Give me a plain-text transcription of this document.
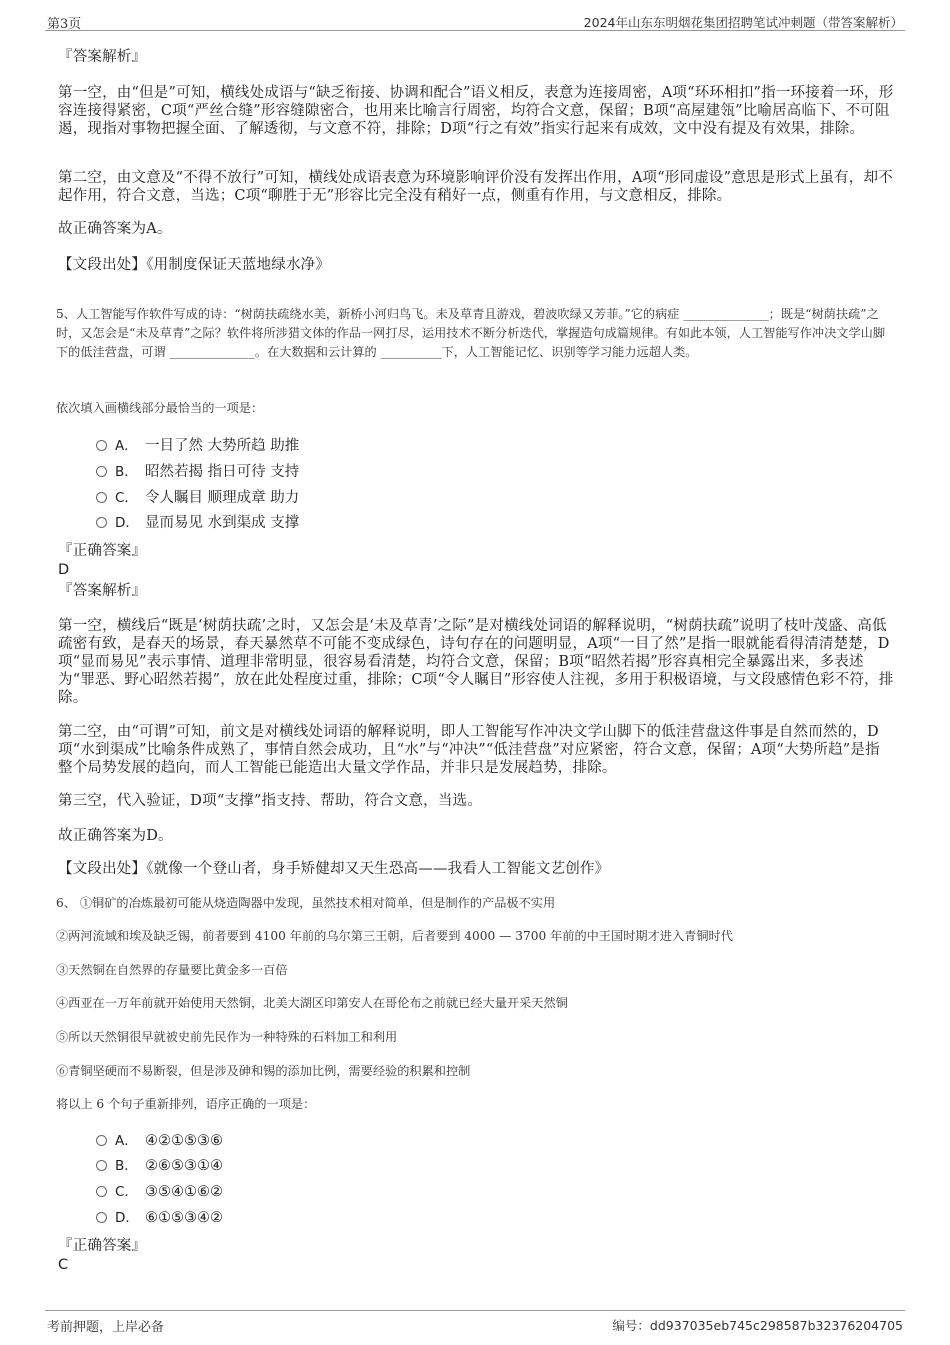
第3页	2024年山东东明烟花集团招聘笔试冲刺题（带答案解析）
『答案解析』
第一空，由“但是”可知，横线处成语与“缺乏衔接、协调和配合”语义相反，表意为连接周密，A项“环环相扣”指一环接着一环，形容连接得紧密，C项“严丝合缝”形容缝隙密合，也用来比喻言行周密，均符合文意，保留；B项“高屋建瓴”比喻居高临下、不可阻遏，现指对事物把握全面、了解透彻，与文意不符，排除；D项“行之有效”指实行起来有成效，文中没有提及有效果，排除。
第二空，由文意及“不得不放行”可知，横线处成语表意为环境影响评价没有发挥出作用，A项“形同虚设”意思是形式上虽有，却不起作用，符合文意，当选；C项“聊胜于无”形容比完全没有稍好一点，侧重有作用，与文意相反，排除。
故正确答案为A。
【文段出处】《用制度保证天蓝地绿水净》
5、人工智能写作软件写成的诗：“树荫扶疏绕水美，新桥小河归鸟飞。未及草青且游戏，碧波吹绿又芳菲。”它的病症 ______________；既是“树荫扶疏”之时，又怎会是“未及草青”之际？软件将所涉猎文体的作品一网打尽，运用技术不断分析迭代，掌握造句成篇规律。有如此本领，人工智能写作冲决文学山脚下的低洼营盘，可谓 ______________。在大数据和云计算的 __________下，人工智能记忆、识别等学习能力远超人类。
依次填入画横线部分最恰当的一项是：
A． 一目了然 大势所趋 助推
B． 昭然若揭 指日可待 支持
C． 令人瞩目 顺理成章 助力
D． 显而易见 水到渠成 支撑
『正确答案』
D
『答案解析』
第一空，横线后“既是‘树荫扶疏’之时，又怎会是‘未及草青’之际”是对横线处词语的解释说明，“树荫扶疏”说明了枝叶茂盛、高低疏密有致，是春天的场景，春天暴然草不可能不变成绿色，诗句存在的问题明显，A项“一目了然”是指一眼就能看得清清楚楚，D项“显而易见”表示事情、道理非常明显，很容易看清楚，均符合文意，保留；B项“昭然若揭”形容真相完全暴露出来，多表述为“罪恶、野心昭然若揭”，放在此处程度过重，排除；C项“令人瞩目”形容使人注视，多用于积极语境，与文段感情色彩不符，排除。
第二空，由“可谓”可知，前文是对横线处词语的解释说明，即人工智能写作冲决文学山脚下的低洼营盘这件事是自然而然的，D项“水到渠成”比喻条件成熟了，事情自然会成功，且“水”与“冲决”“低洼营盘”对应紧密，符合文意，保留；A项“大势所趋”是指整个局势发展的趋向，而人工智能已能造出大量文学作品，并非只是发展趋势，排除。
第三空，代入验证，D项“支撑”指支持、帮助，符合文意，当选。
故正确答案为D。
【文段出处】《就像一个登山者，身手矫健却又天生恐高——我看人工智能文艺创作》
6、 ①铜矿的冶炼最初可能从烧造陶器中发现，虽然技术相对简单，但是制作的产品极不实用
②两河流域和埃及缺乏锡，前者要到 4100 年前的乌尔第三王朝，后者要到 4000 — 3700 年前的中王国时期才进入青铜时代
③天然铜在自然界的存量要比黄金多一百倍
④西亚在一万年前就开始使用天然铜，北美大湖区印第安人在哥伦布之前就已经大量开采天然铜
⑤所以天然铜很早就被史前先民作为一种特殊的石料加工和利用
⑥青铜坚硬而不易断裂，但是涉及砷和锡的添加比例，需要经验的积累和控制
将以上 6 个句子重新排列，语序正确的一项是：
A． ④②①⑤③⑥
B． ②⑥⑤③①④
C． ③⑤④①⑥②
D． ⑥①⑤③④②
『正确答案』
C
考前押题，上岸必备	编号：dd937035eb745c298587b32376204705
